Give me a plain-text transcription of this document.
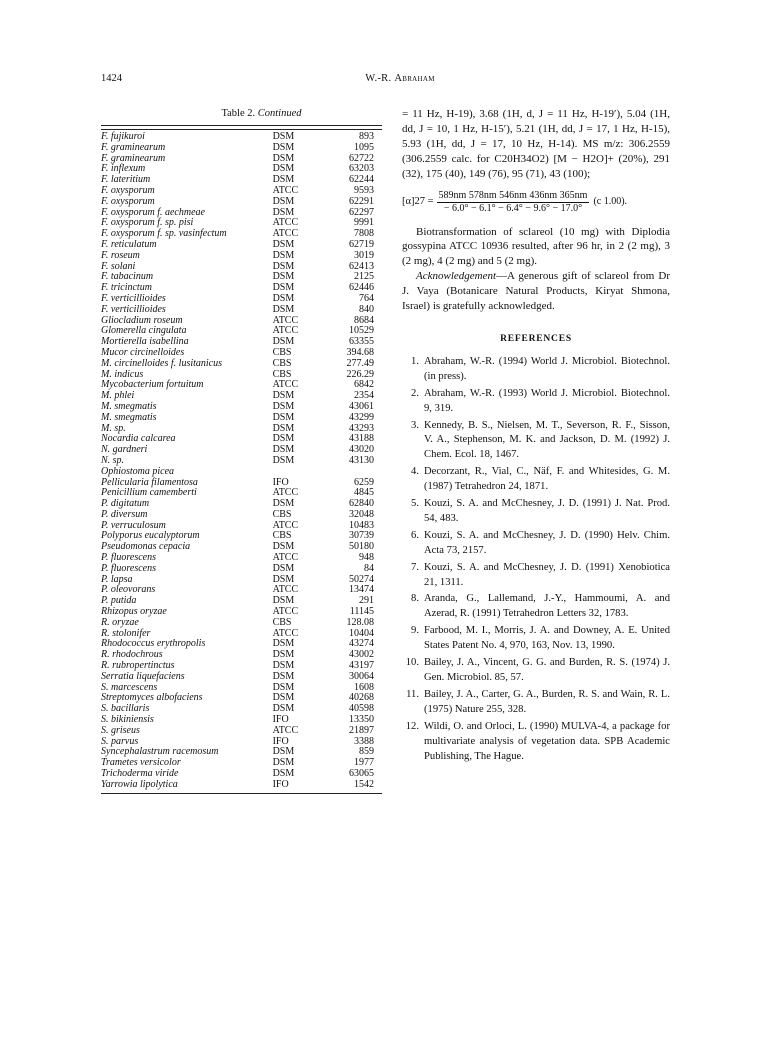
1424	W.-R. Abraham
Table 2. Continued
F. fujikuroi	DSM	893
F. graminearum	DSM	1095
F. graminearum	DSM	62722
F. inflexum	DSM	63203
F. lateritium	DSM	62244
F. oxysporum	ATCC	9593
F. oxysporum	DSM	62291
F. oxysporum f. aechmeae	DSM	62297
F. oxysporum f. sp. pisi	ATCC	9991
F. oxysporum f. sp. vasinfectum	ATCC	7808
F. reticulatum	DSM	62719
F. roseum	DSM	3019
F. solani	DSM	62413
F. tabacinum	DSM	2125
F. tricinctum	DSM	62446
F. verticillioides	DSM	764
F. verticillioides	DSM	840
Gliocladium roseum	ATCC	8684
Glomerella cingulata	ATCC	10529
Mortierella isabellina	DSM	63355
Mucor circinelloides	CBS	394.68
M. circinelloides f. lusitanicus	CBS	277.49
M. indicus	CBS	226.29
Mycobacterium fortuitum	ATCC	6842
M. phlei	DSM	2354
M. smegmatis	DSM	43061
M. smegmatis	DSM	43299
M. sp.	DSM	43293
Nocardia calcarea	DSM	43188
N. gardneri	DSM	43020
N. sp.	DSM	43130
Ophiostoma picea		
Pellicularia filamentosa	IFO	6259
Penicillium camemberti	ATCC	4845
P. digitatum	DSM	62840
P. diversum	CBS	32048
P. verruculosum	ATCC	10483
Polyporus eucalyptorum	CBS	30739
Pseudomonas cepacia	DSM	50180
P. fluorescens	ATCC	948
P. fluorescens	DSM	84
P. lapsa	DSM	50274
P. oleovorans	ATCC	13474
P. putida	DSM	291
Rhizopus oryzae	ATCC	11145
R. oryzae	CBS	128.08
R. stolonifer	ATCC	10404
Rhodococcus erythropolis	DSM	43274
R. rhodochrous	DSM	43002
R. rubropertinctus	DSM	43197
Serratia liquefaciens	DSM	30064
S. marcescens	DSM	1608
Streptomyces albofaciens	DSM	40268
S. bacillaris	DSM	40598
S. bikiniensis	IFO	13350
S. griseus	ATCC	21897
S. parvus	IFO	3388
Syncephalastrum racemosum	DSM	859
Trametes versicolor	DSM	1977
Trichoderma viride	DSM	63065
Yarrowia lipolytica	IFO	1542

= 11 Hz, H-19), 3.68 (1H, d, J = 11 Hz, H-19′), 5.04 (1H, dd, J = 10, 1 Hz, H-15′), 5.21 (1H, dd, J = 17, 1 Hz, H-15), 5.93 (1H, dd, J = 17, 10 Hz, H-14). MS m/z: 306.2559 (306.2559 calc. for C20H34O2) [M − H2O]+ (20%), 291 (32), 175 (40), 149 (76), 95 (71), 43 (100);

$[\alpha]27 = \frac{589nm 578nm 546nm 436nm 365nm}{- 6.0^\circ - 6.1^\circ - 6.4^\circ - 9.6^\circ - 17.0^\circ} (c$ 1.00).

Biotransformation of sclareol (10 mg) with Diplodia gossypina ATCC 10936 resulted, after 96 hr, in 2 (2 mg), 3 (2 mg), 4 (2 mg) and 5 (2 mg).

Acknowledgement—A generous gift of sclareol from Dr J. Vaya (Botanicare Natural Products, Kiryat Shmona, Israel) is gratefully acknowledged.

REFERENCES
1. Abraham, W.-R. (1994) World J. Microbiol. Biotechnol. (in press).
2. Abraham, W.-R. (1993) World J. Microbiol. Biotechnol. 9, 319.
3. Kennedy, B. S., Nielsen, M. T., Severson, R. F., Sisson, V. A., Stephenson, M. K. and Jackson, D. M. (1992) J. Chem. Ecol. 18, 1467.
4. Decorzant, R., Vial, C., Näf, F. and Whitesides, G. M. (1987) Tetrahedron 24, 1871.
5. Kouzi, S. A. and McChesney, J. D. (1991) J. Nat. Prod. 54, 483.
6. Kouzi, S. A. and McChesney, J. D. (1990) Helv. Chim. Acta 73, 2157.
7. Kouzi, S. A. and McChesney, J. D. (1991) Xenobiotica 21, 1311.
8. Aranda, G., Lallemand, J.-Y., Hammoumi, A. and Azerad, R. (1991) Tetrahedron Letters 32, 1783.
9. Farbood, M. I., Morris, J. A. and Downey, A. E. United States Patent No. 4, 970, 163, Nov. 13, 1990.
10. Bailey, J. A., Vincent, G. G. and Burden, R. S. (1974) J. Gen. Microbiol. 85, 57.
11. Bailey, J. A., Carter, G. A., Burden, R. S. and Wain, R. L. (1975) Nature 255, 328.
12. Wildi, O. and Orloci, L. (1990) MULVA-4, a package for multivariate analysis of vegetation data. SPB Academic Publishing, The Hague.
